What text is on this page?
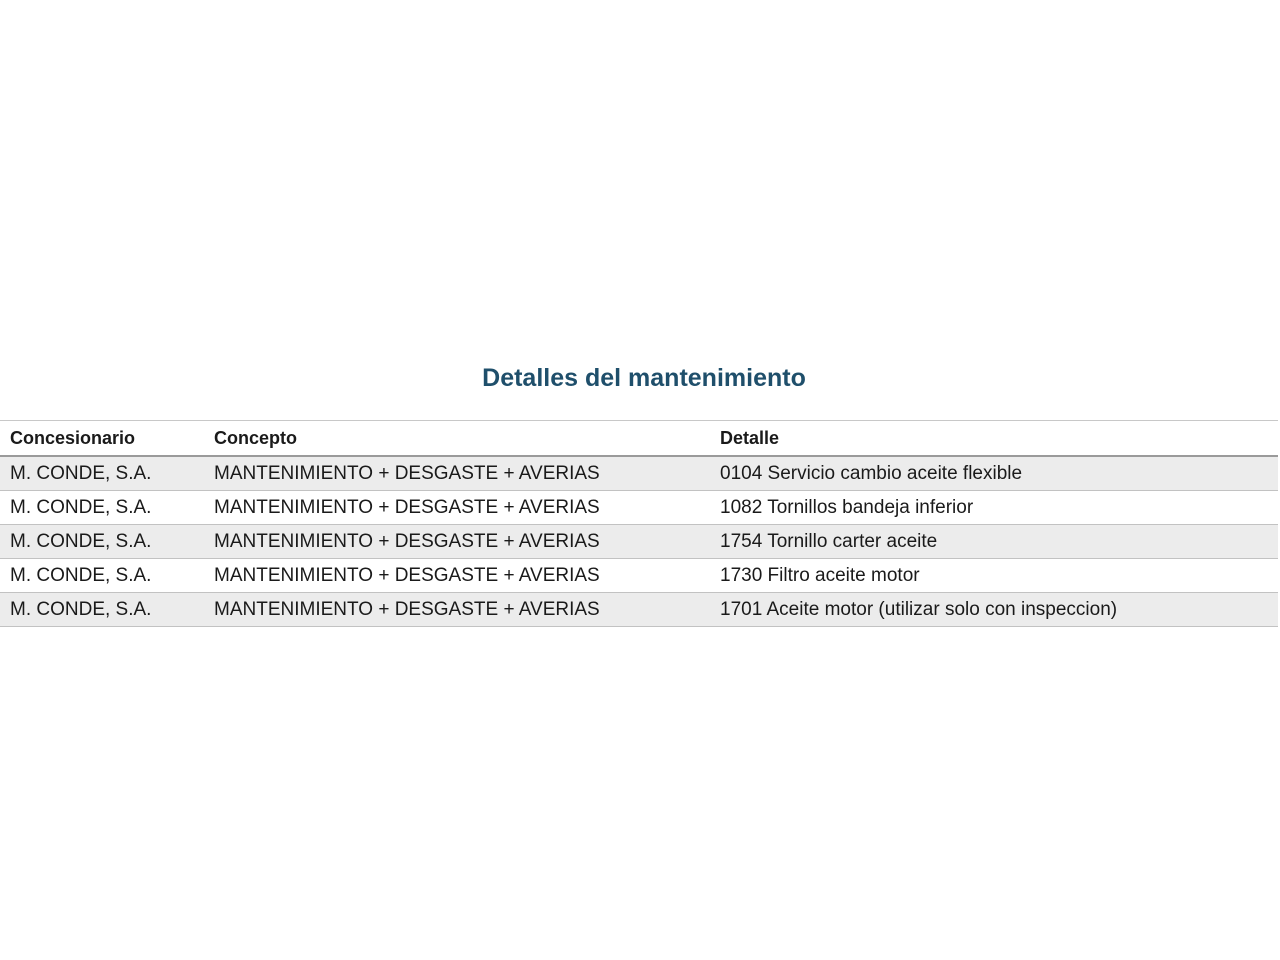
Detalles del mantenimiento
Concesionario	Concepto	Detalle
M. CONDE, S.A.	MANTENIMIENTO + DESGASTE + AVERIAS	0104 Servicio cambio aceite flexible
M. CONDE, S.A.	MANTENIMIENTO + DESGASTE + AVERIAS	1082 Tornillos bandeja inferior
M. CONDE, S.A.	MANTENIMIENTO + DESGASTE + AVERIAS	1754 Tornillo carter aceite
M. CONDE, S.A.	MANTENIMIENTO + DESGASTE + AVERIAS	1730 Filtro aceite motor
M. CONDE, S.A.	MANTENIMIENTO + DESGASTE + AVERIAS	1701 Aceite motor (utilizar solo con inspeccion)
